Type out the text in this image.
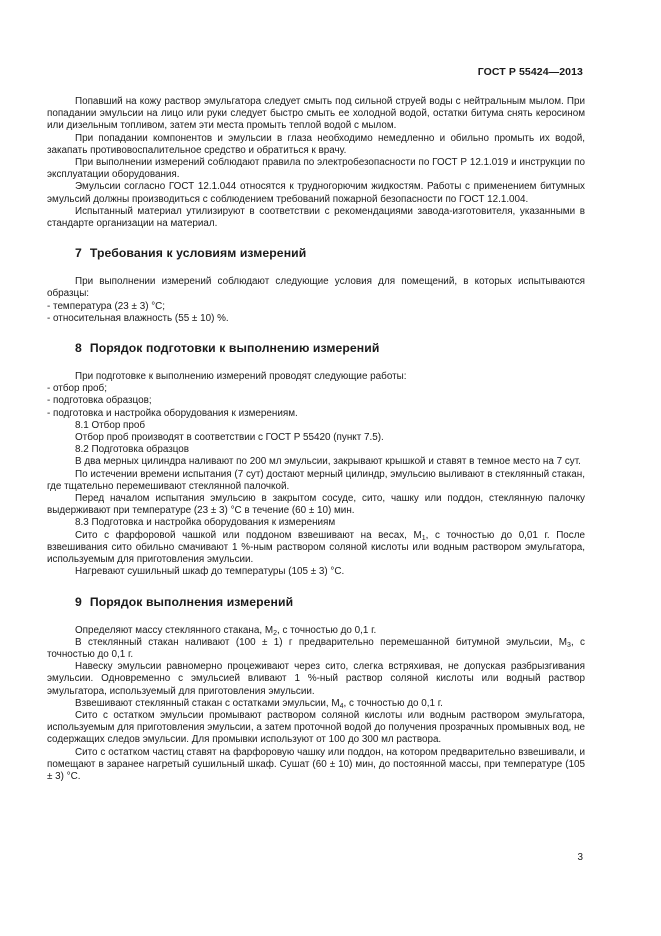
ГОСТ Р 55424—2013

Попавший на кожу раствор эмульгатора следует смыть под сильной струей воды с нейтральным мылом. При попадании эмульсии на лицо или руки следует быстро смыть ее холодной водой, остатки битума снять керосином или дизельным топливом, затем эти места промыть теплой водой с мылом.

При попадании компонентов и эмульсии в глаза необходимо немедленно и обильно промыть их водой, закапать противовоспалительное средство и обратиться к врачу.

При выполнении измерений соблюдают правила по электробезопасности по ГОСТ Р 12.1.019 и инструкции по эксплуатации оборудования.

Эмульсии согласно ГОСТ 12.1.044 относятся к трудногорючим жидкостям. Работы с применением битумных эмульсий должны производиться с соблюдением требований пожарной безопасности по ГОСТ 12.1.004.

Испытанный материал утилизируют в соответствии с рекомендациями завода-изготовителя, указанными в стандарте организации на материал.

7 Требования к условиям измерений

При выполнении измерений соблюдают следующие условия для помещений, в которых испытываются образцы:

- температура (23 ± 3) °С;

- относительная влажность (55 ± 10) %.

8 Порядок подготовки к выполнению измерений

При подготовке к выполнению измерений проводят следующие работы:

- отбор проб;

- подготовка образцов;

- подготовка и настройка оборудования к измерениям.

8.1 Отбор проб

Отбор проб производят в соответствии с ГОСТ Р 55420 (пункт 7.5).

8.2 Подготовка образцов

В два мерных цилиндра наливают по 200 мл эмульсии, закрывают крышкой и ставят в темное место на 7 сут.

По истечении времени испытания (7 сут) достают мерный цилиндр, эмульсию выливают в стеклянный стакан, где тщательно перемешивают стеклянной палочкой.

Перед началом испытания эмульсию в закрытом сосуде, сито, чашку или поддон, стеклянную палочку выдерживают при температуре (23 ± 3) °С в течение (60 ± 10) мин.

8.3 Подготовка и настройка оборудования к измерениям

Сито с фарфоровой чашкой или поддоном взвешивают на весах, $M_1$, с точностью до 0,01 г. После взвешивания сито обильно смачивают 1 %-ным раствором соляной кислоты или водным раствором эмульгатора, используемым для приготовления эмульсии.

Нагревают сушильный шкаф до температуры (105 ± 3) °С.

9 Порядок выполнения измерений

Определяют массу стеклянного стакана, $M_2$, с точностью до 0,1 г.

В стеклянный стакан наливают (100 ± 1) г предварительно перемешанной битумной эмульсии, $M_3$, с точностью до 0,1 г.

Навеску эмульсии равномерно процеживают через сито, слегка встряхивая, не допуская разбрызгивания эмульсии. Одновременно с эмульсией вливают 1 %-ный раствор соляной кислоты или водный раствор эмульгатора, используемый для приготовления эмульсии.

Взвешивают стеклянный стакан с остатками эмульсии, $M_4$, с точностью до 0,1 г.

Сито с остатком эмульсии промывают раствором соляной кислоты или водным раствором эмульгатора, используемым для приготовления эмульсии, а затем проточной водой до получения прозрачных промывных вод, не содержащих следов эмульсии. Для промывки используют от 100 до 300 мл раствора.

Сито с остатком частиц ставят на фарфоровую чашку или поддон, на котором предварительно взвешивали, и помещают в заранее нагретый сушильный шкаф. Сушат (60 ± 10) мин, до постоянной массы, при температуре (105 ± 3) °С.

3
